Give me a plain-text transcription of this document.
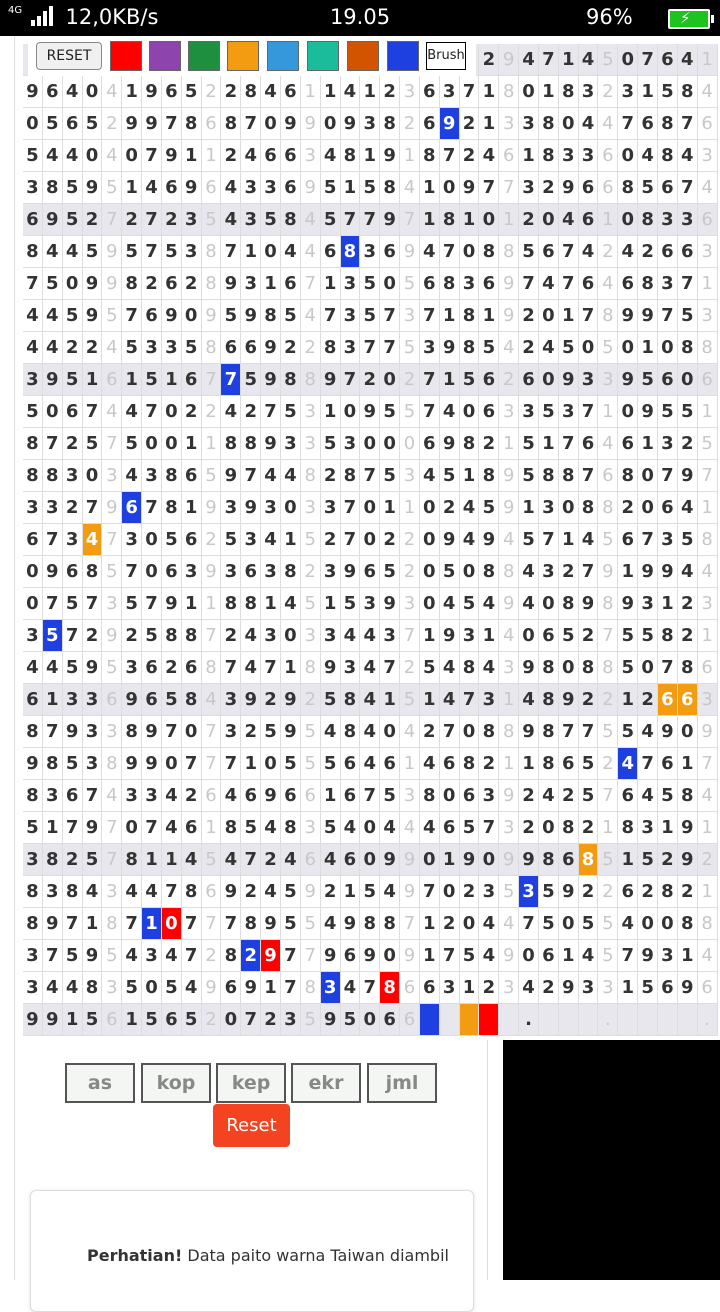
$^{4G}$ 12,0KB/s	19.05	96%	⚡
2 9 4 7 1 4 5 0 7 6 4 1
9 6 4 0 4 1 9 6 5 2 2 8 4 6 1 1 4 1 2 3 6 3 7 1 8 0 1 8 3 2 3 1 5 8 4
0 5 6 5 2 9 9 7 8 6 8 7 0 9 9 0 9 3 8 2 6 9 2 1 3 3 8 0 4 4 7 6 8 7 6
5 4 4 0 4 0 7 9 1 1 2 4 6 6 3 4 8 1 9 1 8 7 2 4 6 1 8 3 3 6 0 4 8 4 3
3 8 5 9 5 1 4 6 9 6 4 3 3 6 9 5 1 5 8 4 1 0 9 7 7 3 2 9 6 6 8 5 6 7 4
6 9 5 2 7 2 7 2 3 5 4 3 5 8 4 5 7 7 9 7 1 8 1 0 1 2 0 4 6 1 0 8 3 3 6
8 4 4 5 9 5 7 5 3 8 7 1 0 4 4 6 8 3 6 9 4 7 0 8 8 5 6 7 4 2 4 2 6 6 3
7 5 0 9 9 8 2 6 2 8 9 3 1 6 7 1 3 5 0 5 6 8 3 6 9 7 4 7 6 4 6 8 3 7 1
4 4 5 9 5 7 6 9 0 9 5 9 8 5 4 7 3 5 7 3 7 1 8 1 9 2 0 1 7 8 9 9 7 5 3
4 4 2 2 4 5 3 3 5 8 6 6 9 2 2 8 3 7 7 5 3 9 8 5 4 2 4 5 0 5 0 1 0 8 8
3 9 5 1 6 1 5 1 6 7 7 5 9 8 8 9 7 2 0 2 7 1 5 6 2 6 0 9 3 3 9 5 6 0 6
5 0 6 7 4 4 7 0 2 2 4 2 7 5 3 1 0 9 5 5 7 4 0 6 3 3 5 3 7 1 0 9 5 5 1
8 7 2 5 7 5 0 0 1 1 8 8 9 3 3 5 3 0 0 0 6 9 8 2 1 5 1 7 6 4 6 1 3 2 5
8 8 3 0 3 4 3 8 6 5 9 7 4 4 8 2 8 7 5 3 4 5 1 8 9 5 8 8 7 6 8 0 7 9 7
3 3 2 7 9 6 7 8 1 9 3 9 3 0 3 3 7 0 1 1 0 2 4 5 9 1 3 0 8 8 2 0 6 4 1
6 7 3 4 7 3 0 5 6 2 5 3 4 1 5 2 7 0 2 2 0 9 4 9 4 5 7 1 4 5 6 7 3 5 8
0 9 6 8 5 7 0 6 3 9 3 6 3 8 2 3 9 6 5 2 0 5 0 8 8 4 3 2 7 9 1 9 9 4 4
0 7 5 7 3 5 7 9 1 1 8 8 1 4 5 1 5 3 9 3 0 4 5 4 9 4 0 8 9 8 9 3 1 2 3
3 5 7 2 9 2 5 8 8 7 2 4 3 0 3 3 4 4 3 7 1 9 3 1 4 0 6 5 2 7 5 5 8 2 1
4 4 5 9 5 3 6 2 6 8 7 4 7 1 8 9 3 4 7 2 5 4 8 4 3 9 8 0 8 8 5 0 7 8 6
6 1 3 3 6 9 6 5 8 4 3 9 2 9 2 5 8 4 1 5 1 4 7 3 1 4 8 9 2 2 1 2 6 6 3
8 7 9 3 3 8 9 7 0 7 3 2 5 9 5 4 8 4 0 4 2 7 0 8 8 9 8 7 7 5 5 4 9 0 9
9 8 5 3 8 9 9 0 7 7 7 1 0 5 5 5 6 4 6 1 4 6 8 2 1 1 8 6 5 2 4 7 6 1 7
8 3 6 7 4 3 3 4 2 6 4 6 9 6 6 1 6 7 5 3 8 0 6 3 9 2 4 2 5 7 6 4 5 8 4
5 1 7 9 7 0 7 4 6 1 8 5 4 8 3 5 4 0 4 4 4 6 5 7 3 2 0 8 2 1 8 3 1 9 1
3 8 2 5 7 8 1 1 4 5 4 7 2 4 6 4 6 0 9 9 0 1 9 0 9 9 8 6 8 5 1 5 2 9 2
8 3 8 4 3 4 4 7 8 6 9 2 4 5 9 2 1 5 4 9 7 0 2 3 5 3 5 9 2 2 6 2 8 2 1
8 9 7 1 8 7 1 0 7 7 7 8 9 5 5 4 9 8 8 7 1 2 0 4 4 7 5 0 5 5 4 0 0 8 8
3 7 5 9 5 4 3 4 7 2 8 2 9 7 7 9 6 9 0 9 1 7 5 4 9 0 6 1 4 5 7 9 3 1 4
3 4 4 8 3 5 0 5 4 9 6 9 1 7 8 3 4 7 8 6 6 3 1 2 3 4 2 9 3 3 1 5 6 9 6
9 9 1 5 6 1 5 6 5 2 0 7 2 3 5 9 5 0 6 6	.	.	.
RESET	Brush
as	kop	kep	ekr	jml
Reset

Perhatian! Data paito warna Taiwan diambil
